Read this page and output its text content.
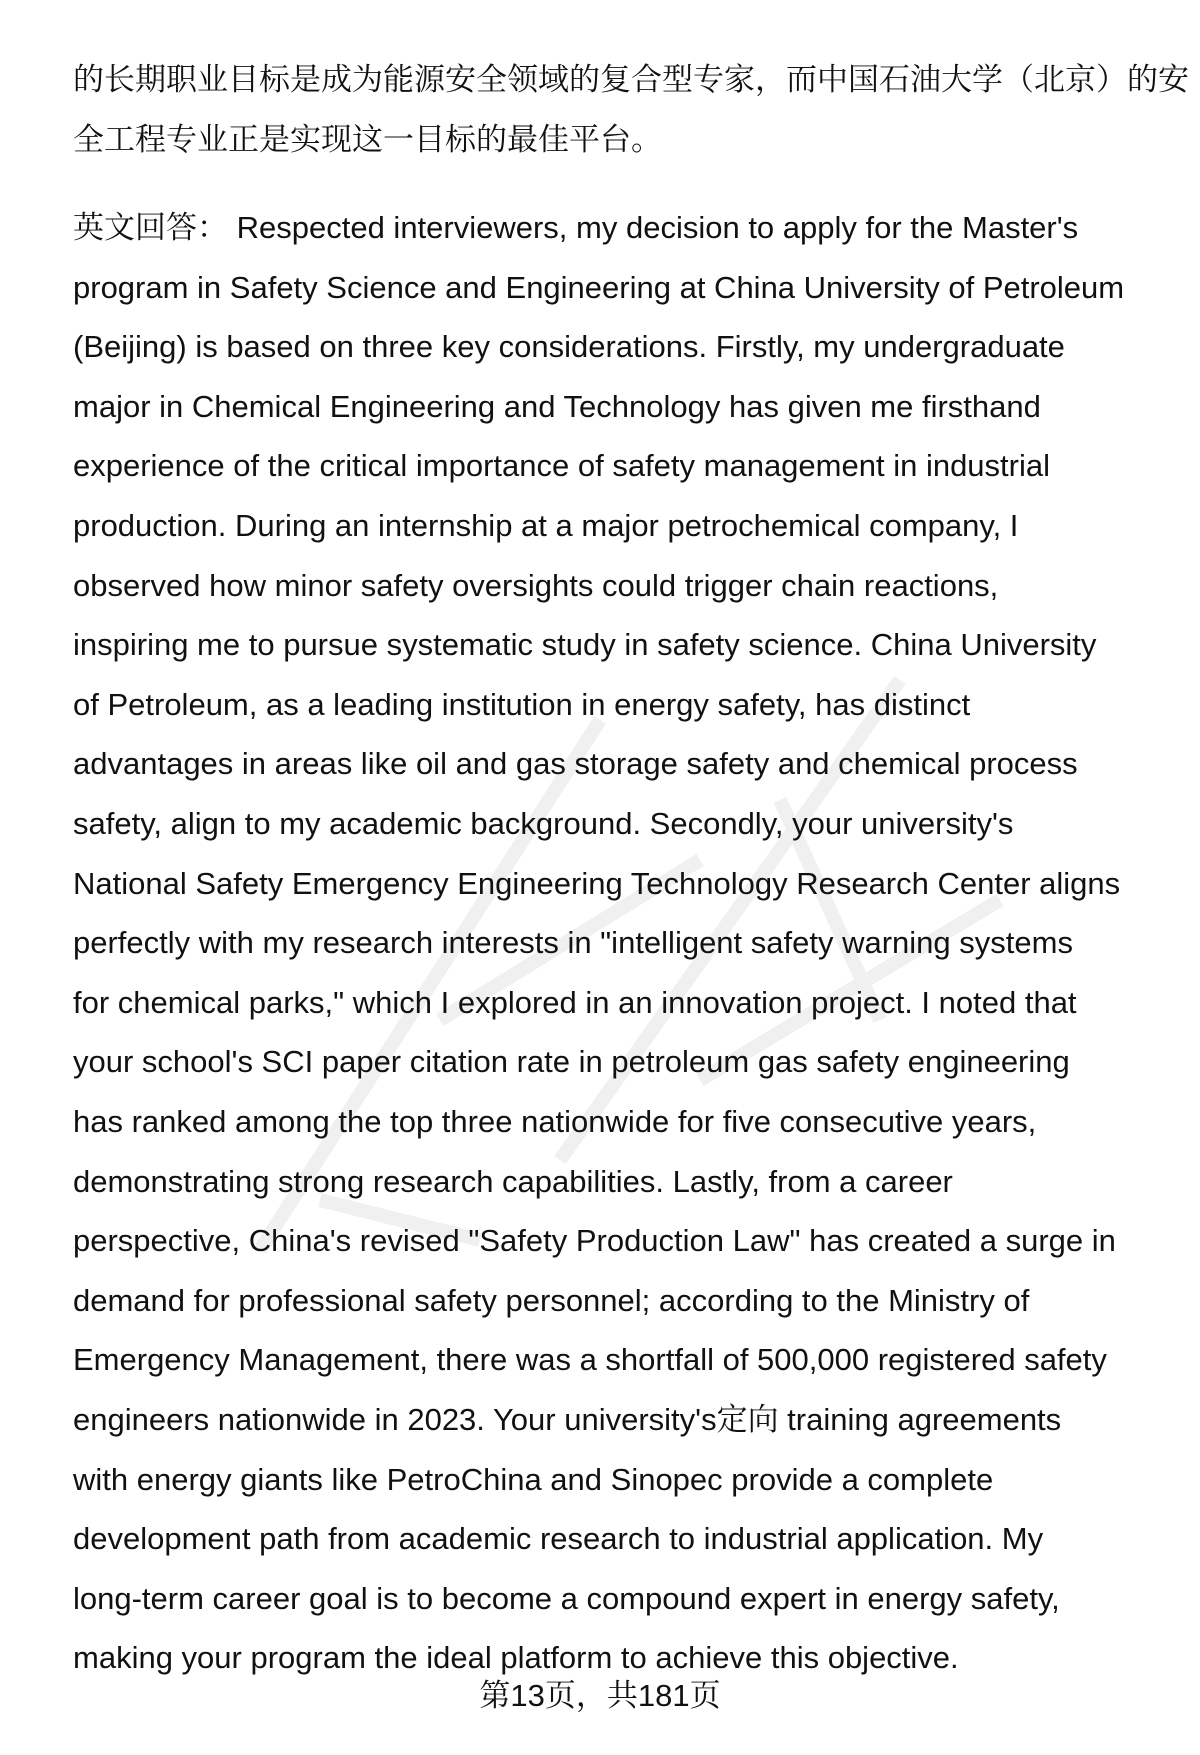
的长期职业目标是成为能源安全领域的复合型专家，而中国石油大学（北京）的安
全工程专业正是实现这一目标的最佳平台。
英文回答： Respected interviewers, my decision to apply for the Master's
program in Safety Science and Engineering at China University of Petroleum
(Beijing) is based on three key considerations. Firstly, my undergraduate
major in Chemical Engineering and Technology has given me firsthand
experience of the critical importance of safety management in industrial
production. During an internship at a major petrochemical company, I
observed how minor safety oversights could trigger chain reactions,
inspiring me to pursue systematic study in safety science. China University
of Petroleum, as a leading institution in energy safety, has distinct
advantages in areas like oil and gas storage safety and chemical process
safety, align to my academic background. Secondly, your university's
National Safety Emergency Engineering Technology Research Center aligns
perfectly with my research interests in "intelligent safety warning systems
for chemical parks," which I explored in an innovation project. I noted that
your school's SCI paper citation rate in petroleum gas safety engineering
has ranked among the top three nationwide for five consecutive years,
demonstrating strong research capabilities. Lastly, from a career
perspective, China's revised "Safety Production Law" has created a surge in
demand for professional safety personnel; according to the Ministry of
Emergency Management, there was a shortfall of 500,000 registered safety
engineers nationwide in 2023. Your university's定向 training agreements
with energy giants like PetroChina and Sinopec provide a complete
development path from academic research to industrial application. My
long-term career goal is to become a compound expert in energy safety,
making your program the ideal platform to achieve this objective.
第13页，共181页
